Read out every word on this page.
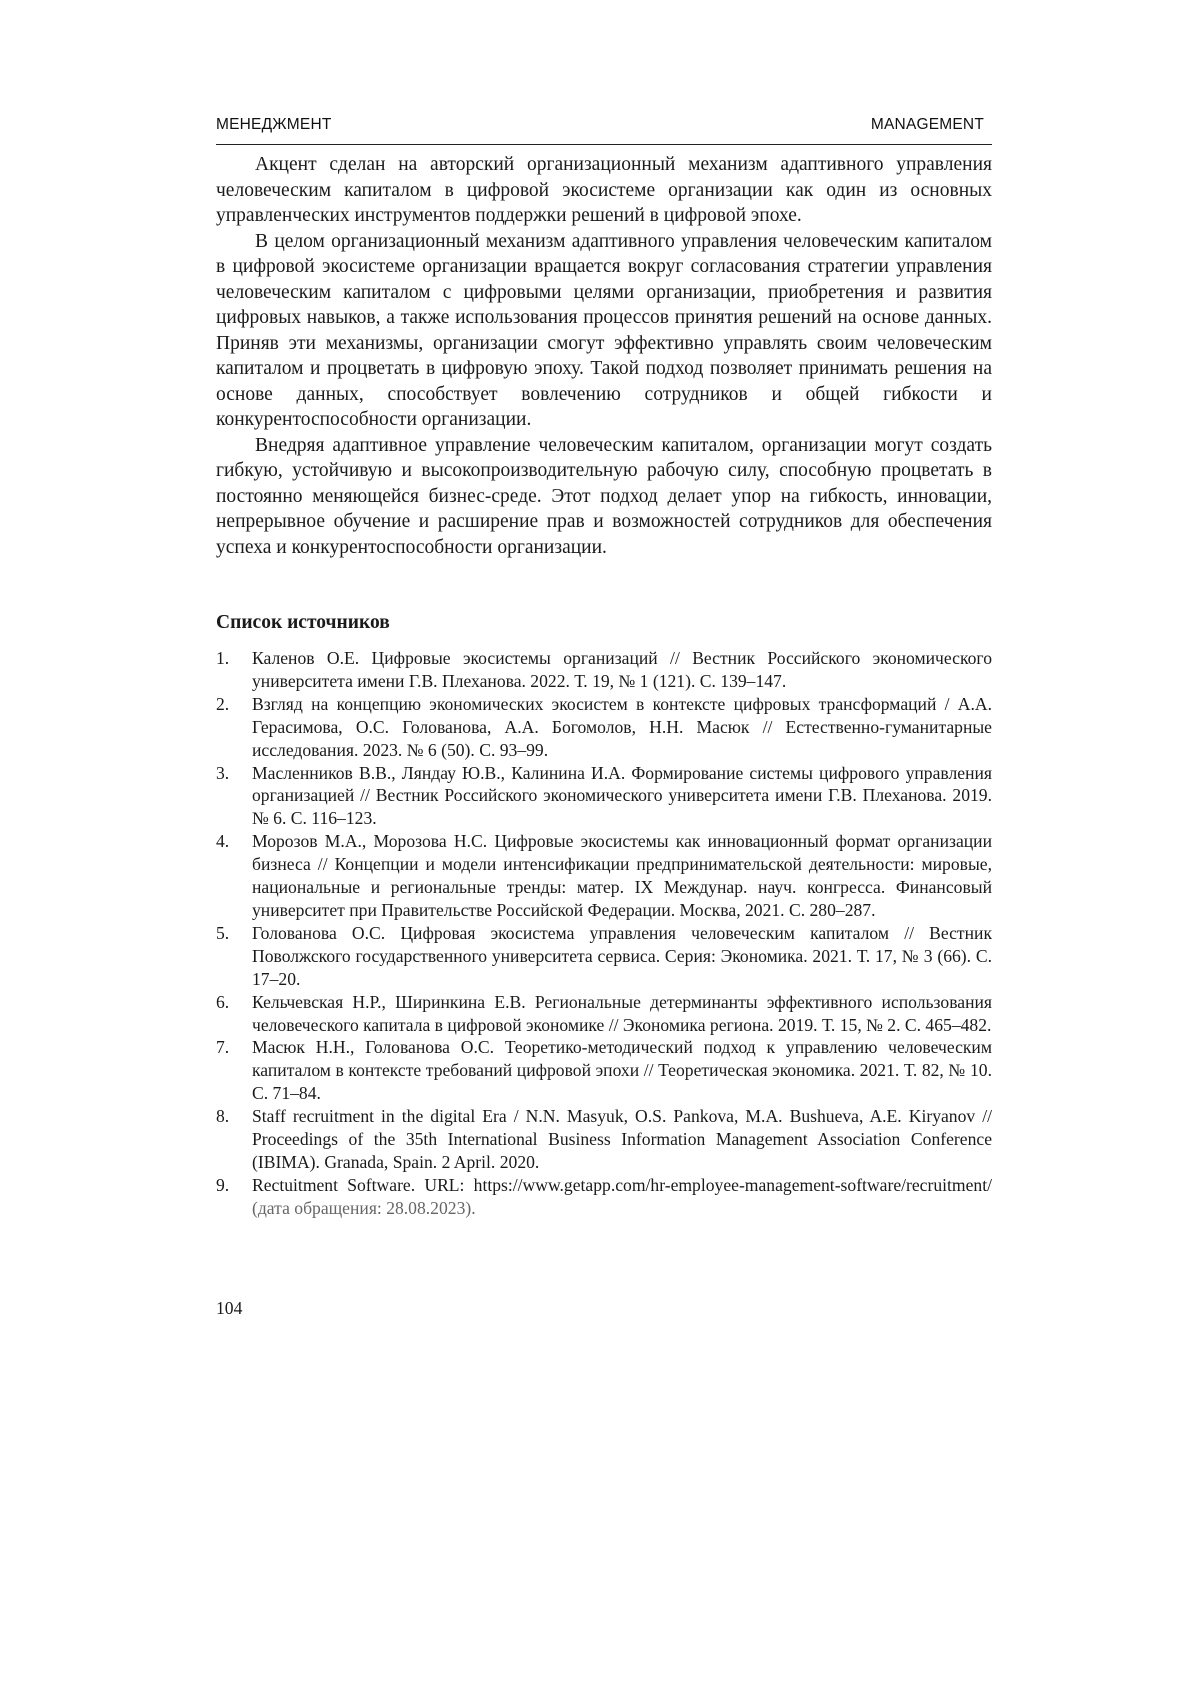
МЕНЕДЖМЕНТ	MANAGEMENT

Акцент сделан на авторский организационный механизм адаптивного управления человеческим капиталом в цифровой экосистеме организации как один из основных управленческих инструментов поддержки решений в цифровой эпохе.

В целом организационный механизм адаптивного управления человеческим капиталом в цифровой экосистеме организации вращается вокруг согласования стратегии управления человеческим капиталом с цифровыми целями организации, приобретения и развития цифровых навыков, а также использования процессов принятия решений на основе данных. Приняв эти механизмы, организации смогут эффективно управлять своим человеческим капиталом и процветать в цифровую эпоху. Такой подход позволяет принимать решения на основе данных, способствует вовлечению сотрудников и общей гибкости и конкурентоспособности организации.

Внедряя адаптивное управление человеческим капиталом, организации могут создать гибкую, устойчивую и высокопроизводительную рабочую силу, способную процветать в постоянно меняющейся бизнес-среде. Этот подход делает упор на гибкость, инновации, непрерывное обучение и расширение прав и возможностей сотрудников для обеспечения успеха и конкурентоспособности организации.

Список источников
1. Каленов О.Е. Цифровые экосистемы организаций // Вестник Российского экономического университета имени Г.В. Плеханова. 2022. Т. 19, № 1 (121). С. 139–147.
2. Взгляд на концепцию экономических экосистем в контексте цифровых трансформаций / А.А. Герасимова, О.С. Голованова, А.А. Богомолов, Н.Н. Масюк // Естественно-гуманитарные исследования. 2023. № 6 (50). С. 93–99.
3. Масленников В.В., Ляндау Ю.В., Калинина И.А. Формирование системы цифрового управления организацией // Вестник Российского экономического университета имени Г.В. Плеханова. 2019. № 6. С. 116–123.
4. Морозов М.А., Морозова Н.С. Цифровые экосистемы как инновационный формат организации бизнеса // Концепции и модели интенсификации предпринимательской деятельности: мировые, национальные и региональные тренды: матер. IX Междунар. науч. конгресса. Финансовый университет при Правительстве Российской Федерации. Москва, 2021. С. 280–287.
5. Голованова О.С. Цифровая экосистема управления человеческим капиталом // Вестник Поволжского государственного университета сервиса. Серия: Экономика. 2021. Т. 17, № 3 (66). С. 17–20.
6. Кельчевская Н.Р., Ширинкина Е.В. Региональные детерминанты эффективного использования человеческого капитала в цифровой экономике // Экономика региона. 2019. Т. 15, № 2. С. 465–482.
7. Масюк Н.Н., Голованова О.С. Теоретико-методический подход к управлению человеческим капиталом в контексте требований цифровой эпохи // Теоретическая экономика. 2021. Т. 82, № 10. С. 71–84.
8. Staff recruitment in the digital Era / N.N. Masyuk, O.S. Pankova, M.A. Bushueva, A.E. Kiryanov // Proceedings of the 35th International Business Information Management Association Conference (IBIMA). Granada, Spain. 2 April. 2020.
9. Rectuitment Software. URL: https://www.getapp.com/hr-employee-management-software/recruitment/ (дата обращения: 28.08.2023).
104
